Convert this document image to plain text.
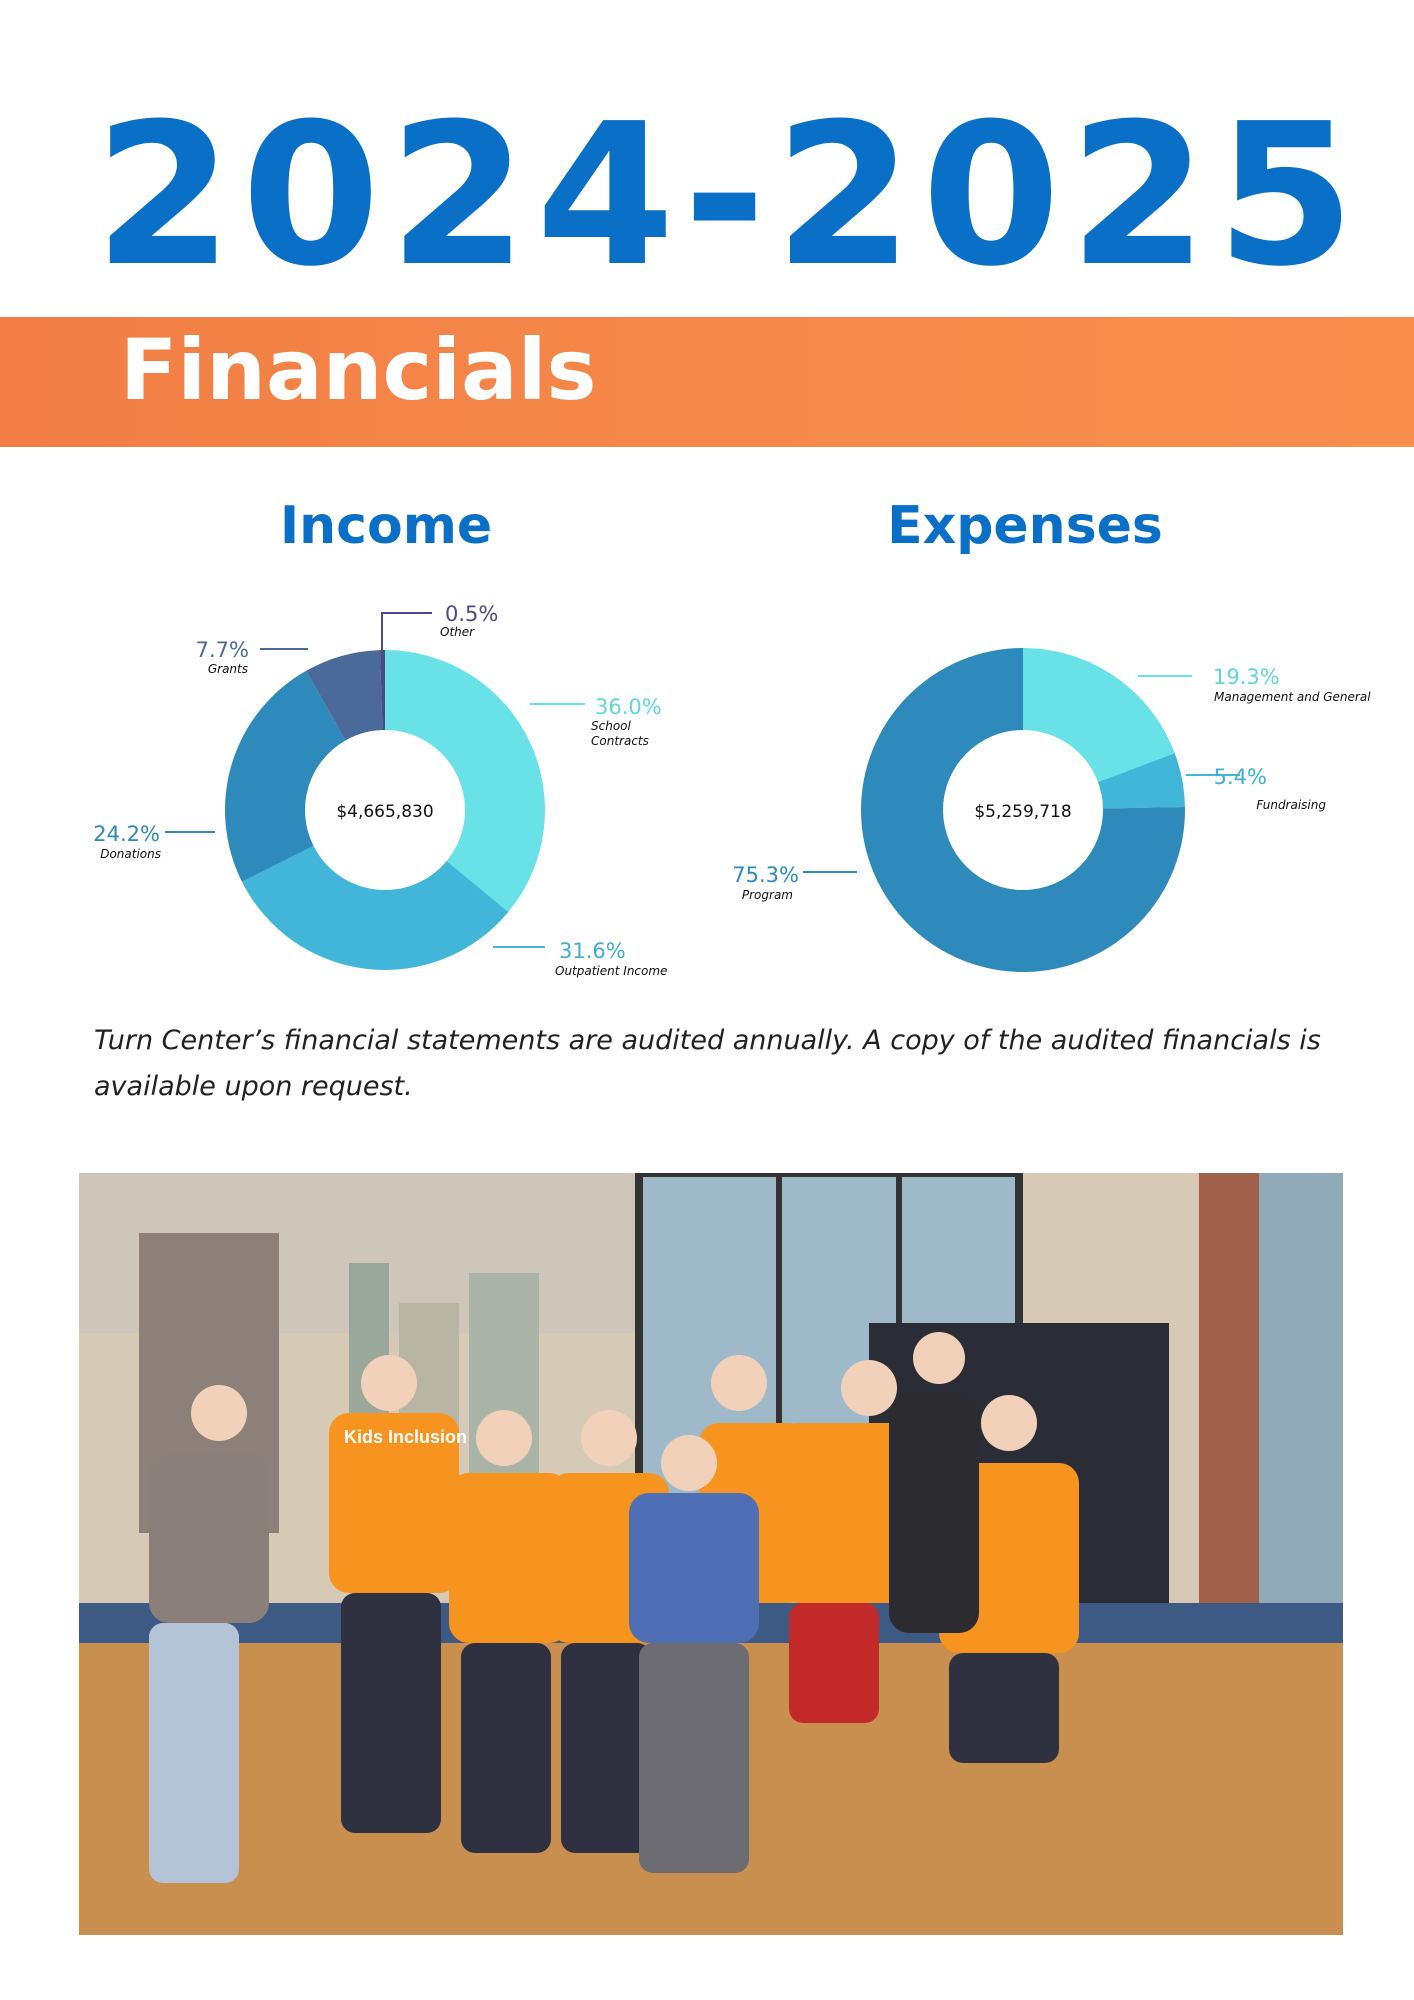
2024-2025
Financials
Income	Expenses
36.0%
School
Contracts
31.6%
Outpatient Income
24.2%
Donations
7.7%
Grants
0.5%
Other
$4,665,830
19.3%
Management and General
5.4%
Fundraising
75.3%
Program
$5,259,718
Turn Center’s financial statements are audited annually. A copy of the audited financials is available upon request.
Kids Inclusion
